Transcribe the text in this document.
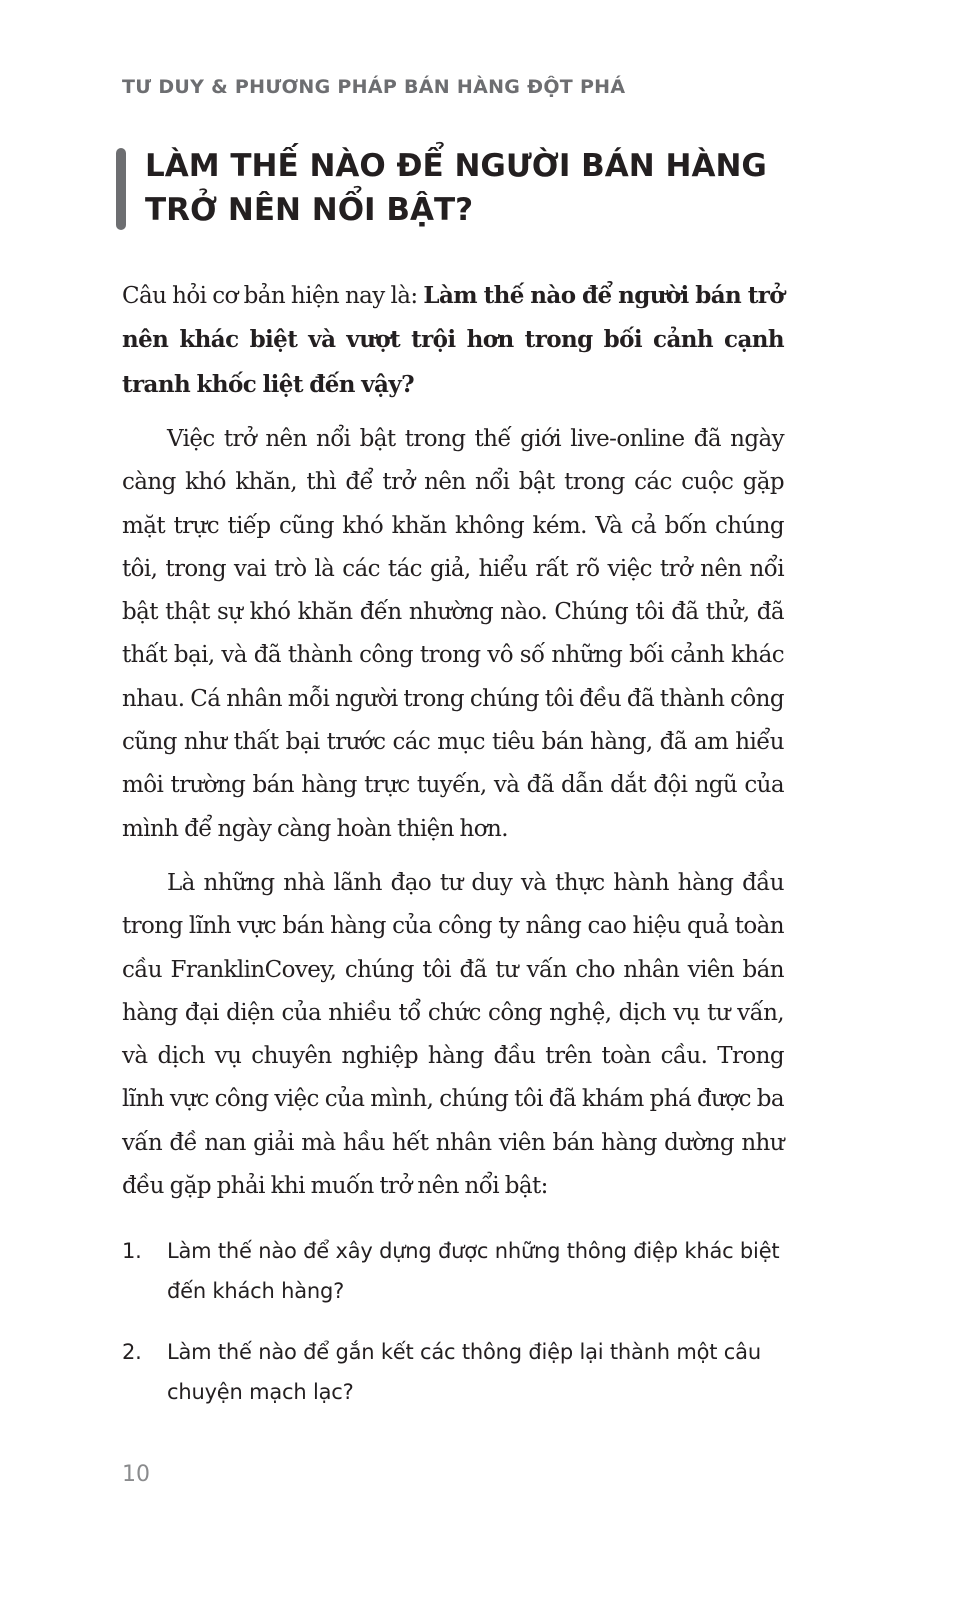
TƯ DUY & PHƯƠNG PHÁP BÁN HÀNG ĐỘT PHÁ
LÀM THẾ NÀO ĐỂ NGƯỜI BÁN HÀNG
TRỞ NÊN NỔI BẬT?

Câu hỏi cơ bản hiện nay là: Làm thế nào để người bán trở nên khác biệt và vượt trội hơn trong bối cảnh cạnh tranh khốc liệt đến vậy?

Việc trở nên nổi bật trong thế giới live-online đã ngày càng khó khăn, thì để trở nên nổi bật trong các cuộc gặp mặt trực tiếp cũng khó khăn không kém. Và cả bốn chúng tôi, trong vai trò là các tác giả, hiểu rất rõ việc trở nên nổi bật thật sự khó khăn đến nhường nào. Chúng tôi đã thử, đã thất bại, và đã thành công trong vô số những bối cảnh khác nhau. Cá nhân mỗi người trong chúng tôi đều đã thành công cũng như thất bại trước các mục tiêu bán hàng, đã am hiểu môi trường bán hàng trực tuyến, và đã dẫn dắt đội ngũ của mình để ngày càng hoàn thiện hơn.

Là những nhà lãnh đạo tư duy và thực hành hàng đầu trong lĩnh vực bán hàng của công ty nâng cao hiệu quả toàn cầu FranklinCovey, chúng tôi đã tư vấn cho nhân viên bán hàng đại diện của nhiều tổ chức công nghệ, dịch vụ tư vấn, và dịch vụ chuyên nghiệp hàng đầu trên toàn cầu. Trong lĩnh vực công việc của mình, chúng tôi đã khám phá được ba vấn đề nan giải mà hầu hết nhân viên bán hàng dường như đều gặp phải khi muốn trở nên nổi bật:

1. Làm thế nào để xây dựng được những thông điệp khác biệt đến khách hàng?
2. Làm thế nào để gắn kết các thông điệp lại thành một câu chuyện mạch lạc?
10
